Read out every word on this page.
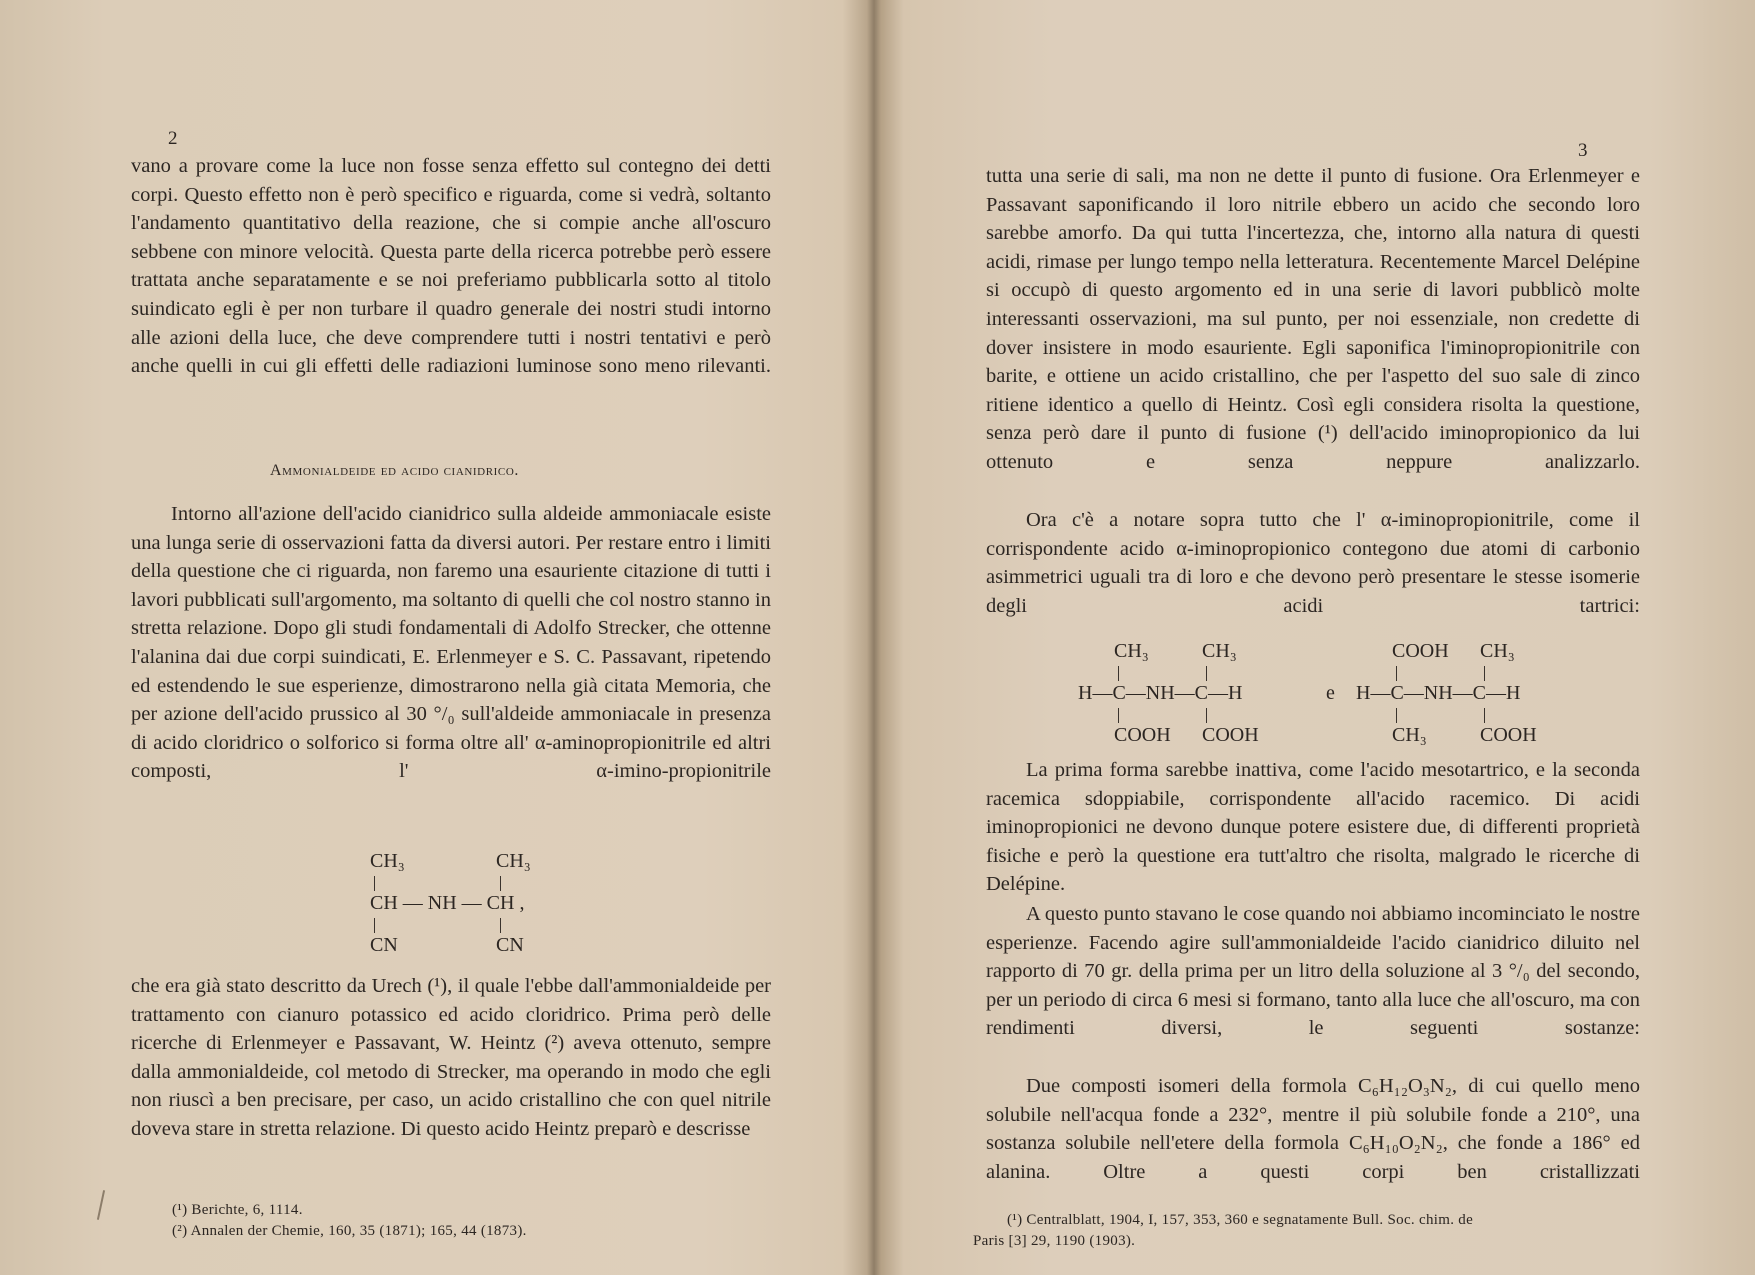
2
vano a provare come la luce non fosse senza effetto sul contegno dei detti corpi. Questo effetto non è però specifico e riguarda, come si vedrà, soltanto l'andamento quantitativo della reazione, che si compie anche all'oscuro sebbene con minore velocità. Questa parte della ricerca potrebbe però essere trattata anche separatamente e se noi preferiamo pubblicarla sotto al titolo suindicato egli è per non turbare il quadro generale dei nostri studi intorno alle azioni della luce, che deve comprendere tutti i nostri tentativi e però anche quelli in cui gli effetti delle radiazioni luminose sono meno rilevanti.
Ammonialdeide ed acido cianidrico.
Intorno all'azione dell'acido cianidrico sulla aldeide ammoniacale esiste una lunga serie di osservazioni fatta da diversi autori. Per restare entro i limiti della questione che ci riguarda, non faremo una esauriente citazione di tutti i lavori pubblicati sull'argomento, ma soltanto di quelli che col nostro stanno in stretta relazione. Dopo gli studi fondamentali di Adolfo Strecker, che ottenne l'alanina dai due corpi suindicati, E. Erlenmeyer e S. C. Passavant, ripetendo ed estendendo le sue esperienze, dimostrarono nella già citata Memoria, che per azione dell'acido prussico al 30 °/₀ sull'aldeide ammoniacale in presenza di acido cloridrico o solforico si forma oltre all' α-aminopropionitrile ed altri composti, l' α-imino-propionitrile
CH₃	CH₃
CH — NH — CH ,
CN	CN
che era già stato descritto da Urech (¹), il quale l'ebbe dall'ammonialdeide per trattamento con cianuro potassico ed acido cloridrico. Prima però delle ricerche di Erlenmeyer e Passavant, W. Heintz (²) aveva ottenuto, sempre dalla ammonialdeide, col metodo di Strecker, ma operando in modo che egli non riuscì a ben precisare, per caso, un acido cristallino che con quel nitrile doveva stare in stretta relazione. Di questo acido Heintz preparò e descrisse
(¹) Berichte, 6, 1114.
(²) Annalen der Chemie, 160, 35 (1871); 165, 44 (1873).
3
tutta una serie di sali, ma non ne dette il punto di fusione. Ora Erlenmeyer e Passavant saponificando il loro nitrile ebbero un acido che secondo loro sarebbe amorfo. Da qui tutta l'incertezza, che, intorno alla natura di questi acidi, rimase per lungo tempo nella letteratura. Recentemente Marcel Delépine si occupò di questo argomento ed in una serie di lavori pubblicò molte interessanti osservazioni, ma sul punto, per noi essenziale, non credette di dover insistere in modo esauriente. Egli saponifica l'iminopropionitrile con barite, e ottiene un acido cristallino, che per l'aspetto del suo sale di zinco ritiene identico a quello di Heintz. Così egli considera risolta la questione, senza però dare il punto di fusione (¹) dell'acido iminopropionico da lui ottenuto e senza neppure analizzarlo.
Ora c'è a notare sopra tutto che l' α-iminopropionitrile, come il corrispondente acido α-iminopropionico contegono due atomi di carbonio asimmetrici uguali tra di loro e che devono però presentare le stesse isomerie degli acidi tartrici:
CH₃	CH₃
H—C—NH—C—H
COOH COOH
e
COOH CH₃
H—C—NH—C—H
CH₃	COOH
La prima forma sarebbe inattiva, come l'acido mesotartrico, e la seconda racemica sdoppiabile, corrispondente all'acido racemico. Di acidi iminopropionici ne devono dunque potere esistere due, di differenti proprietà fisiche e però la questione era tutt'altro che risolta, malgrado le ricerche di Delépine.
A questo punto stavano le cose quando noi abbiamo incominciato le nostre esperienze. Facendo agire sull'ammonialdeide l'acido cianidrico diluito nel rapporto di 70 gr. della prima per un litro della soluzione al 3 °/₀ del secondo, per un periodo di circa 6 mesi si formano, tanto alla luce che all'oscuro, ma con rendimenti diversi, le seguenti sostanze:
Due composti isomeri della formola C₆H₁₂O₃N₂, di cui quello meno solubile nell'acqua fonde a 232°, mentre il più solubile fonde a 210°, una sostanza solubile nell'etere della formola C₆H₁₀O₂N₂, che fonde a 186° ed alanina. Oltre a questi corpi ben cristallizzati
(¹) Centralblatt, 1904, I, 157, 353, 360 e segnatamente Bull. Soc. chim. de
Paris [3] 29, 1190 (1903).
